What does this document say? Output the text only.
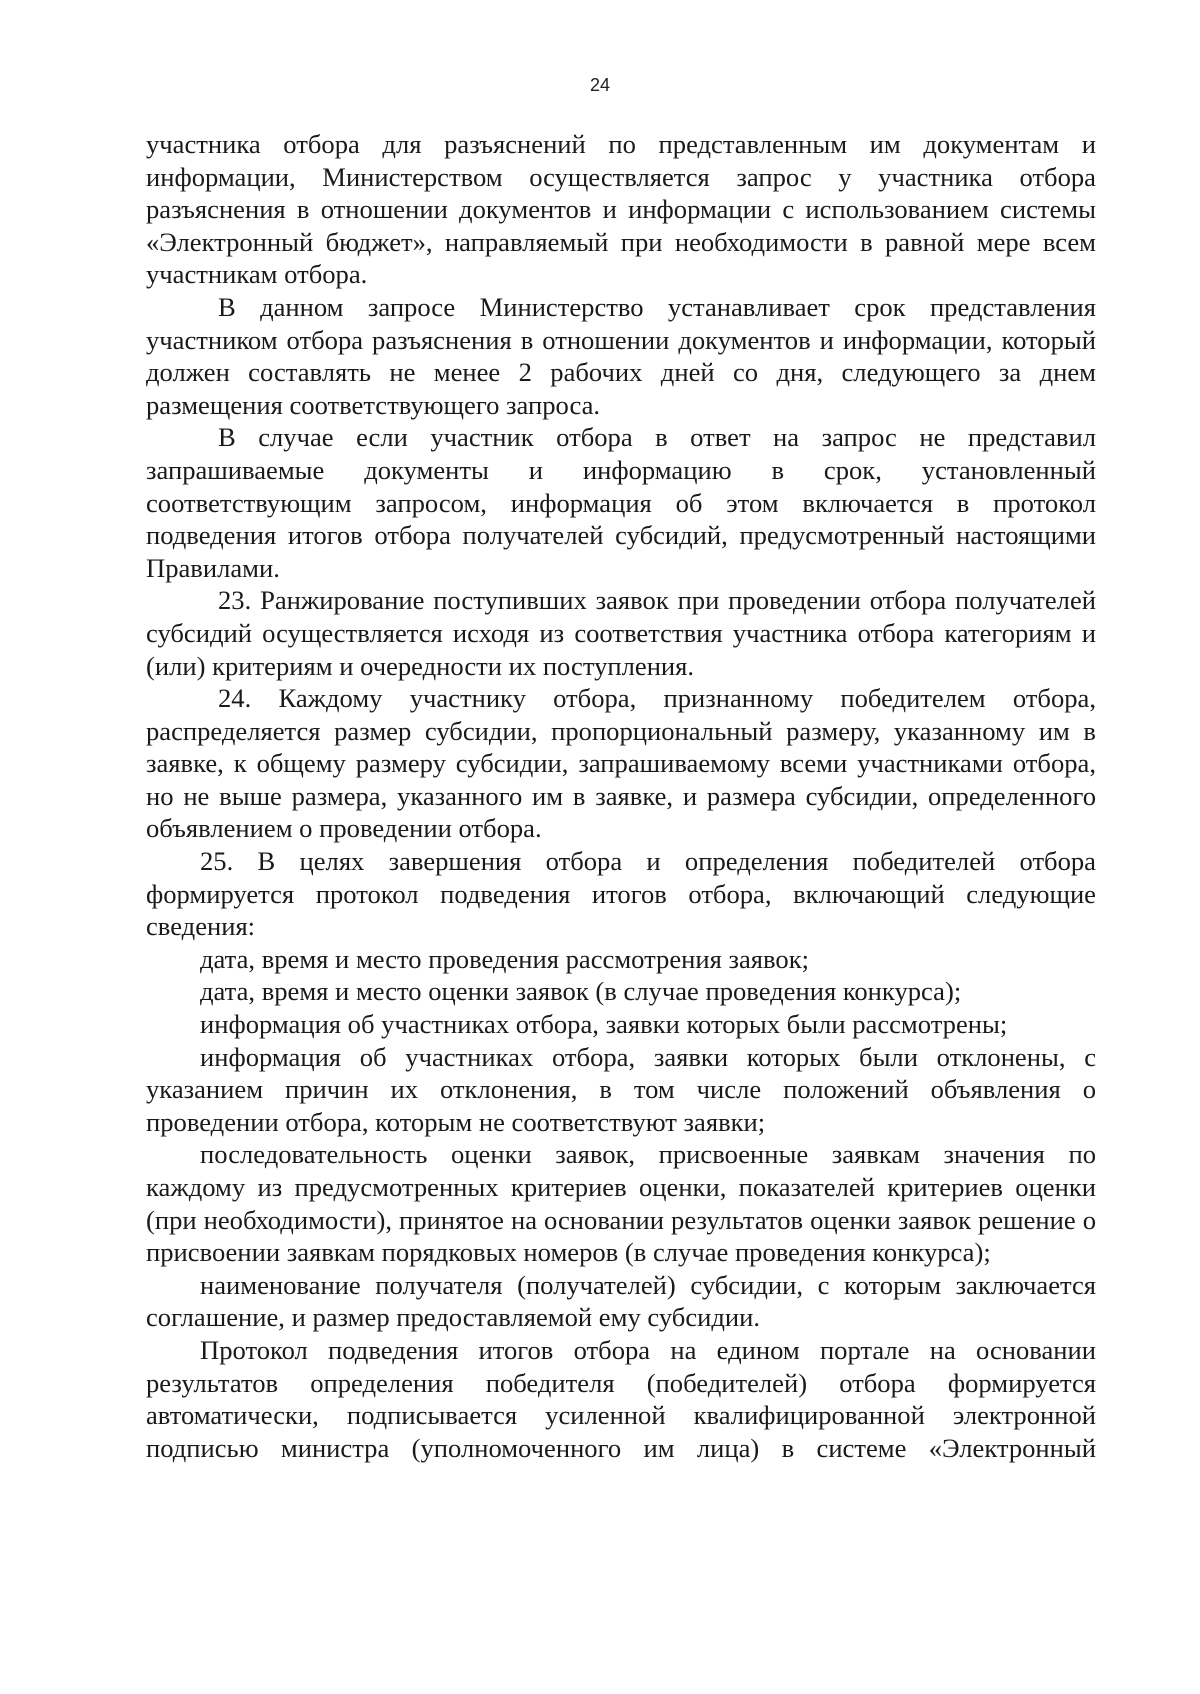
24

участника отбора для разъяснений по представленным им документам и информации, Министерством осуществляется запрос у участника отбора разъяснения в отношении документов и информации с использованием системы «Электронный бюджет», направляемый при необходимости в равной мере всем участникам отбора.

В данном запросе Министерство устанавливает срок представления участником отбора разъяснения в отношении документов и информации, который должен составлять не менее 2 рабочих дней со дня, следующего за днем размещения соответствующего запроса.

В случае если участник отбора в ответ на запрос не представил запрашиваемые документы и информацию в срок, установленный соответствующим запросом, информация об этом включается в протокол подведения итогов отбора получателей субсидий, предусмотренный настоящими Правилами.

23. Ранжирование поступивших заявок при проведении отбора получателей субсидий осуществляется исходя из соответствия участника отбора категориям и (или) критериям и очередности их поступления.

24. Каждому участнику отбора, признанному победителем отбора, распределяется размер субсидии, пропорциональный размеру, указанному им в заявке, к общему размеру субсидии, запрашиваемому всеми участниками отбора, но не выше размера, указанного им в заявке, и размера субсидии, определенного объявлением о проведении отбора.

25. В целях завершения отбора и определения победителей отбора формируется протокол подведения итогов отбора, включающий следующие сведения:

дата, время и место проведения рассмотрения заявок;

дата, время и место оценки заявок (в случае проведения конкурса);

информация об участниках отбора, заявки которых были рассмотрены;

информация об участниках отбора, заявки которых были отклонены, с указанием причин их отклонения, в том числе положений объявления о проведении отбора, которым не соответствуют заявки;

последовательность оценки заявок, присвоенные заявкам значения по каждому из предусмотренных критериев оценки, показателей критериев оценки (при необходимости), принятое на основании результатов оценки заявок решение о присвоении заявкам порядковых номеров (в случае проведения конкурса);

наименование получателя (получателей) субсидии, с которым заключается соглашение, и размер предоставляемой ему субсидии.

Протокол подведения итогов отбора на едином портале на основании результатов определения победителя (победителей) отбора формируется автоматически, подписывается усиленной квалифицированной электронной подписью министра (уполномоченного им лица) в системе «Электронный
